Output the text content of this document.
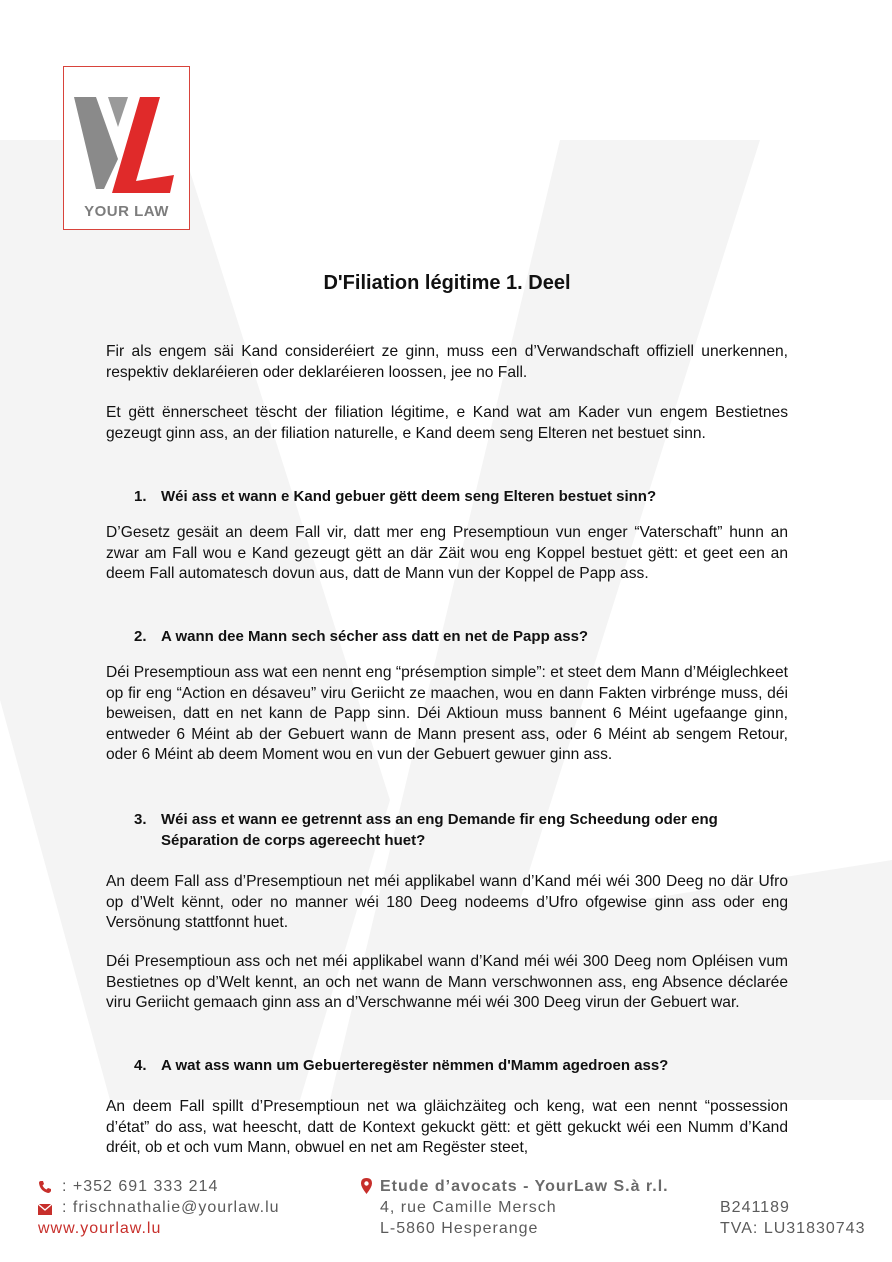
YOUR LAW
D'Filiation légitime 1. Deel

Fir als engem säi Kand consideréiert ze ginn, muss een d’Verwandschaft offiziell unerkennen, respektiv deklaréieren oder deklaréieren loossen, jee no Fall.

Et gëtt ënnerscheet tëscht der filiation légitime, e Kand wat am Kader vun engem Bestietnes gezeugt ginn ass, an der filiation naturelle, e Kand deem seng Elteren net bestuet sinn.

1. Wéi ass et wann e Kand gebuer gëtt deem seng Elteren bestuet sinn?

D’Gesetz gesäit an deem Fall vir, datt mer eng Presemptioun vun enger “Vaterschaft” hunn an zwar am Fall wou e Kand gezeugt gëtt an där Zäit wou eng Koppel bestuet gëtt: et geet een an deem Fall automatesch dovun aus, datt de Mann vun der Koppel de Papp ass.

2. A wann dee Mann sech sécher ass datt en net de Papp ass?

Déi Presemptioun ass wat een nennt eng “présemption simple”: et steet dem Mann d’Méiglechkeet op fir eng “Action en désaveu” viru Geriicht ze maachen, wou en dann Fakten virbrénge muss, déi beweisen, datt en net kann de Papp sinn. Déi Aktioun muss bannent 6 Méint ugefaange ginn, entweder 6 Méint ab der Gebuert wann de Mann present ass, oder 6 Méint ab sengem Retour, oder 6 Méint ab deem Moment wou en vun der Gebuert gewuer ginn ass.

3. Wéi ass et wann ee getrennt ass an eng Demande fir eng Scheedung oder eng Séparation de corps agereecht huet?

An deem Fall ass d’Presemptioun net méi applikabel wann d’Kand méi wéi 300 Deeg no där Ufro op d’Welt kënnt, oder no manner wéi 180 Deeg nodeems d’Ufro ofgewise ginn ass oder eng Versönung stattfonnt huet.

Déi Presemptioun ass och net méi applikabel wann d’Kand méi wéi 300 Deeg nom Opléisen vum Bestietnes op d’Welt kennt, an och net wann de Mann verschwonnen ass, eng Absence déclarée viru Geriicht gemaach ginn ass an d’Verschwanne méi wéi 300 Deeg virun der Gebuert war.

4. A wat ass wann um Gebuerteregëster nëmmen d'Mamm agedroen ass?

An deem Fall spillt d’Presemptioun net wa gläichzäiteg och keng, wat een nennt “possession d’état” do ass, wat heescht, datt de Kontext gekuckt gëtt: et gëtt gekuckt wéi een Numm d’Kand dréit, ob et och vum Mann, obwuel en net am Regëster steet,

: +352 691 333 214
: frischnathalie@yourlaw.lu
www.yourlaw.lu
Etude d’avocats - YourLaw S.à r.l.
4, rue Camille Mersch
L-5860 Hesperange
B241189
TVA: LU31830743
